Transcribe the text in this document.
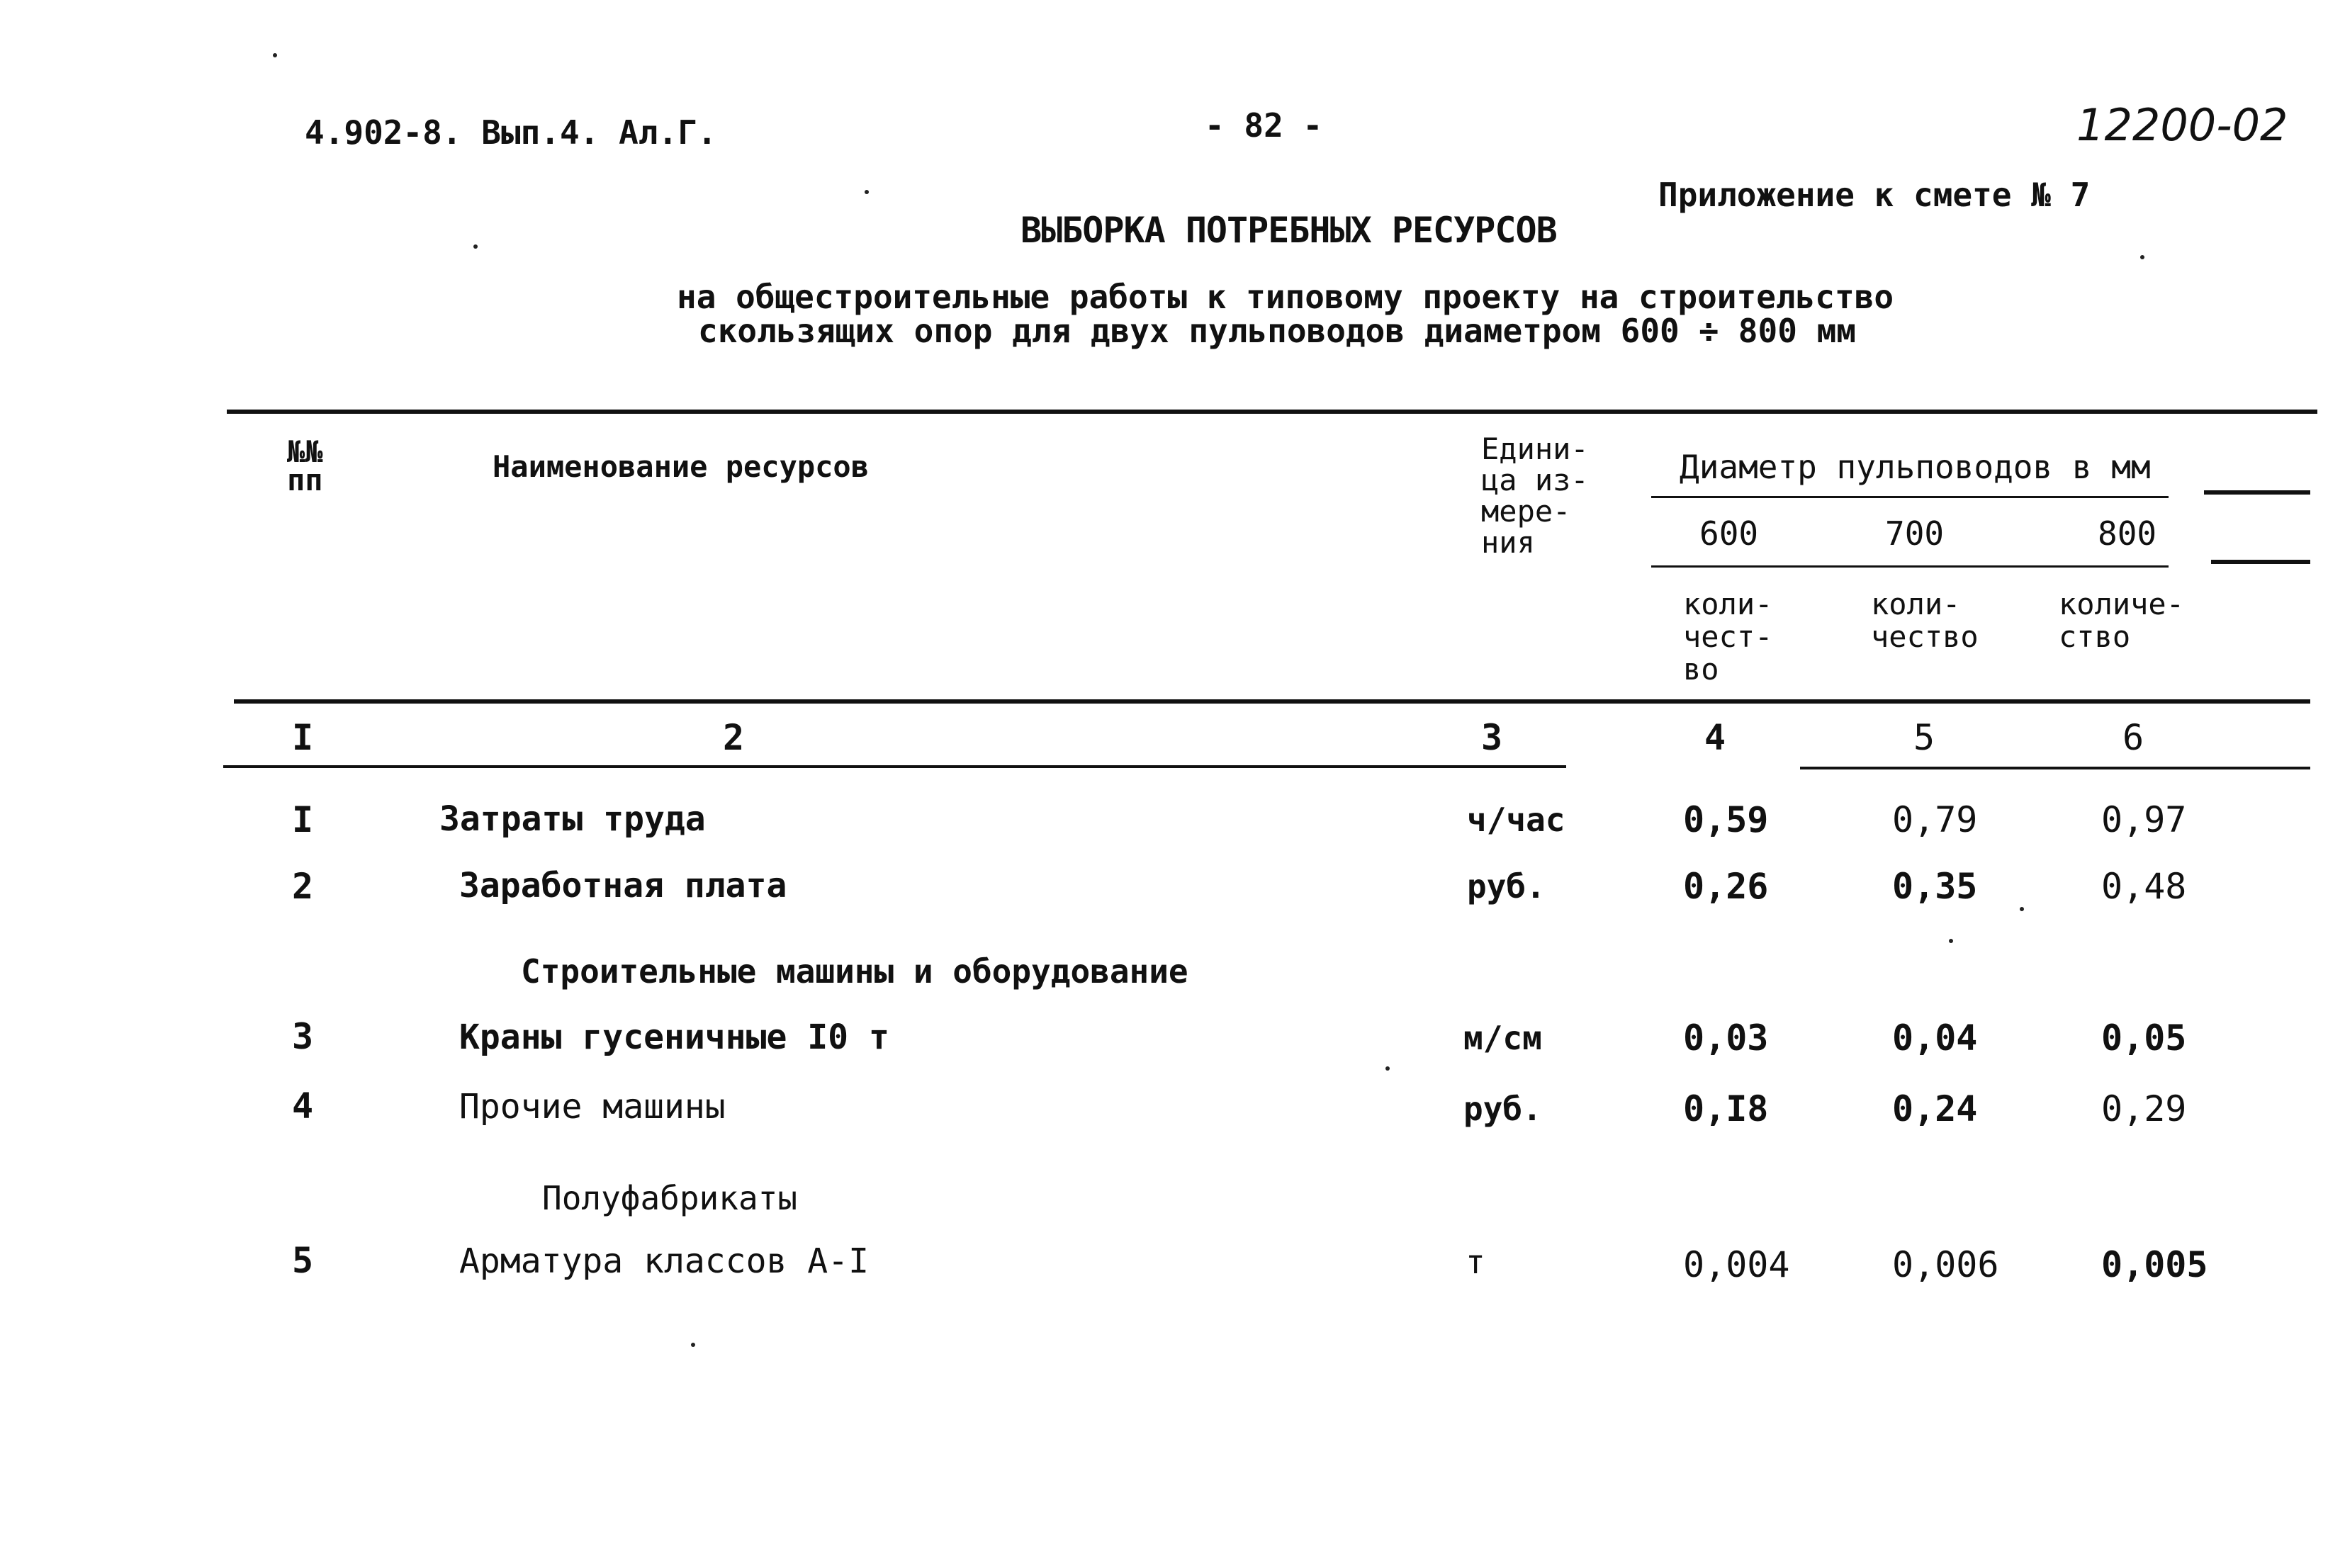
4.902-8. Вып.4. Ал.Г.	- 82 -	12200-02
Приложение к смете № 7
ВЫБОРКА ПОТРЕБНЫХ РЕСУРСОВ
на общестроительные работы к типовому проекту на строительство
скользящих опор для двух пульповодов диаметром 600 ÷ 800 мм
№№ пп	Наименование ресурсов
Едини-
ца из-
мере-
ния
Диаметр пульповодов в мм
600	700	800
коли-
чест-
во
коли-
чество
количе-
ство
I	2	3	4	5	6
I	Затраты труда	ч/час	0,59	0,79	0,97
2	Заработная плата	руб.	0,26	0,35	0,48
Строительные машины и оборудование
3	Краны гусеничные I0 т	м/см	0,03	0,04	0,05
4	Прочие машины	руб.	0,I8	0,24	0,29
Полуфабрикаты
5	Арматура классов А-I	т	0,004	0,006	0,005
